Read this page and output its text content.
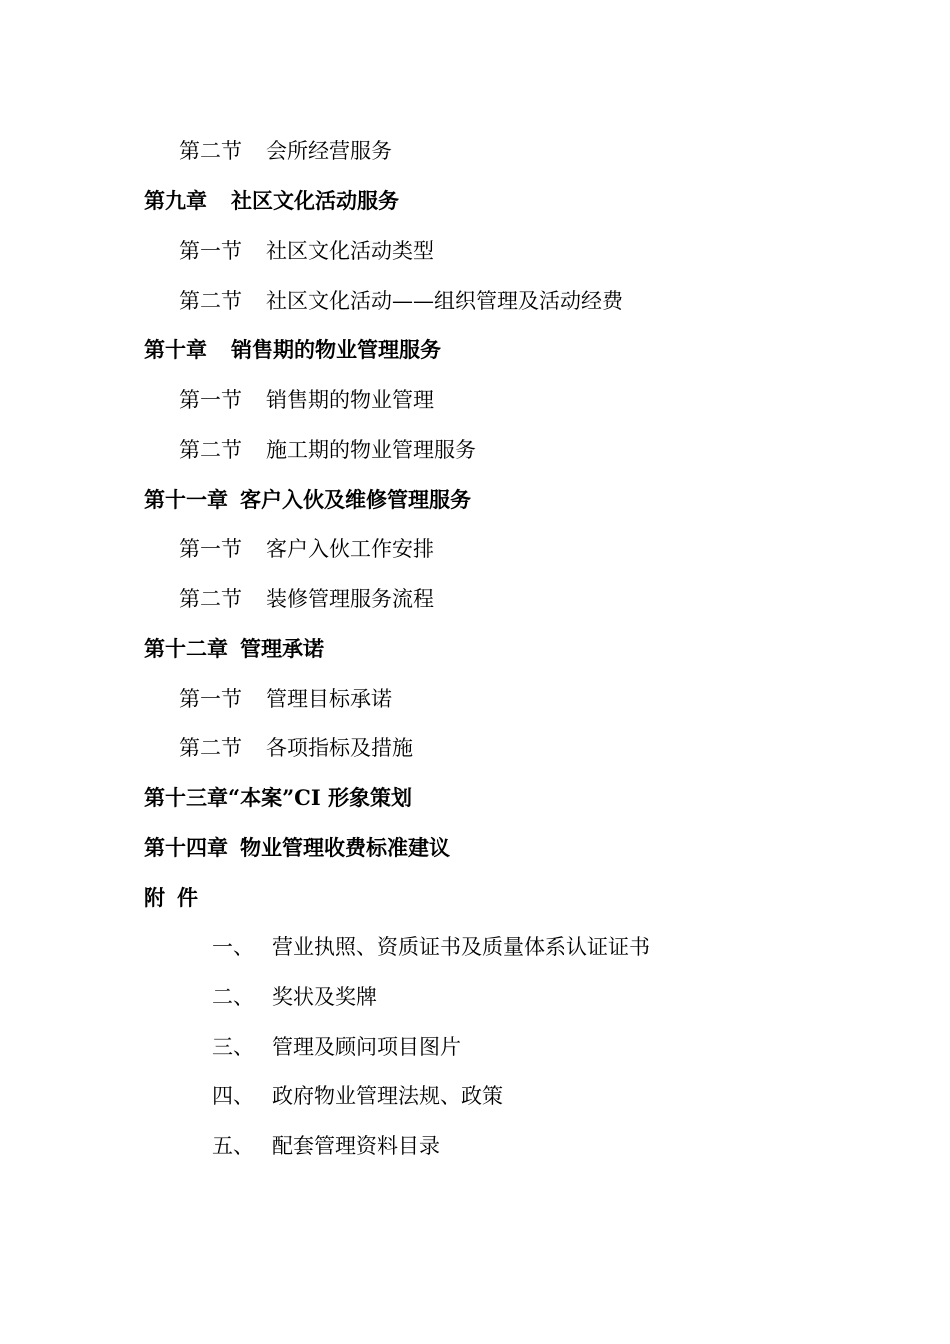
第二节 会所经营服务
第九章 社区文化活动服务
第一节 社区文化活动类型
第二节 社区文化活动——组织管理及活动经费
第十章 销售期的物业管理服务
第一节 销售期的物业管理
第二节 施工期的物业管理服务
第十一章 客户入伙及维修管理服务
第一节 客户入伙工作安排
第二节 装修管理服务流程
第十二章 管理承诺
第一节 管理目标承诺
第二节 各项指标及措施
第十三章“本案”CI 形象策划
第十四章 物业管理收费标准建议
附件
一、 营业执照、资质证书及质量体系认证证书
二、 奖状及奖牌
三、 管理及顾问项目图片
四、 政府物业管理法规、政策
五、 配套管理资料目录
